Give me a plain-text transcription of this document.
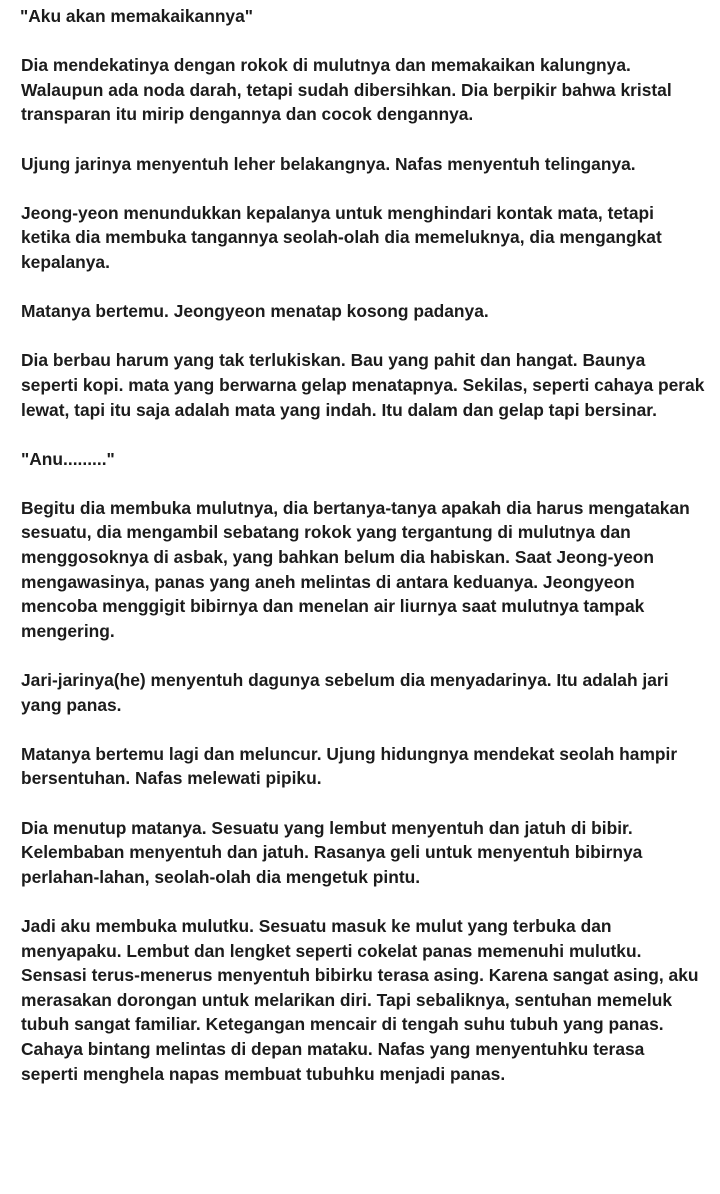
"Aku akan memakaikannya"

Dia mendekatinya dengan rokok di mulutnya dan memakaikan kalungnya. Walaupun ada noda darah, tetapi sudah dibersihkan. Dia berpikir bahwa kristal transparan itu mirip dengannya dan cocok dengannya.

Ujung jarinya menyentuh leher belakangnya. Nafas menyentuh telinganya.

Jeong-yeon menundukkan kepalanya untuk menghindari kontak mata, tetapi ketika dia membuka tangannya seolah-olah dia memeluknya, dia mengangkat kepalanya.

Matanya bertemu. Jeongyeon menatap kosong padanya.

Dia berbau harum yang tak terlukiskan. Bau yang pahit dan hangat. Baunya seperti kopi. mata yang berwarna gelap menatapnya. Sekilas, seperti cahaya perak lewat, tapi itu saja adalah mata yang indah. Itu dalam dan gelap tapi bersinar.

"Anu........."

Begitu dia membuka mulutnya, dia bertanya-tanya apakah dia harus mengatakan sesuatu, dia mengambil sebatang rokok yang tergantung di mulutnya dan menggosoknya di asbak, yang bahkan belum dia habiskan. Saat Jeong-yeon mengawasinya, panas yang aneh melintas di antara keduanya. Jeongyeon mencoba menggigit bibirnya dan menelan air liurnya saat mulutnya tampak mengering.

Jari-jarinya(he) menyentuh dagunya sebelum dia menyadarinya. Itu adalah jari yang panas.

Matanya bertemu lagi dan meluncur. Ujung hidungnya mendekat seolah hampir bersentuhan. Nafas melewati pipiku.

Dia menutup matanya. Sesuatu yang lembut menyentuh dan jatuh di bibir. Kelembaban menyentuh dan jatuh. Rasanya geli untuk menyentuh bibirnya perlahan-lahan, seolah-olah dia mengetuk pintu.

Jadi aku membuka mulutku. Sesuatu masuk ke mulut yang terbuka dan menyapaku. Lembut dan lengket seperti cokelat panas memenuhi mulutku. Sensasi terus-menerus menyentuh bibirku terasa asing. Karena sangat asing, aku merasakan dorongan untuk melarikan diri. Tapi sebaliknya, sentuhan memeluk tubuh sangat familiar. Ketegangan mencair di tengah suhu tubuh yang panas. Cahaya bintang melintas di depan mataku. Nafas yang menyentuhku terasa seperti menghela napas membuat tubuhku menjadi panas.
